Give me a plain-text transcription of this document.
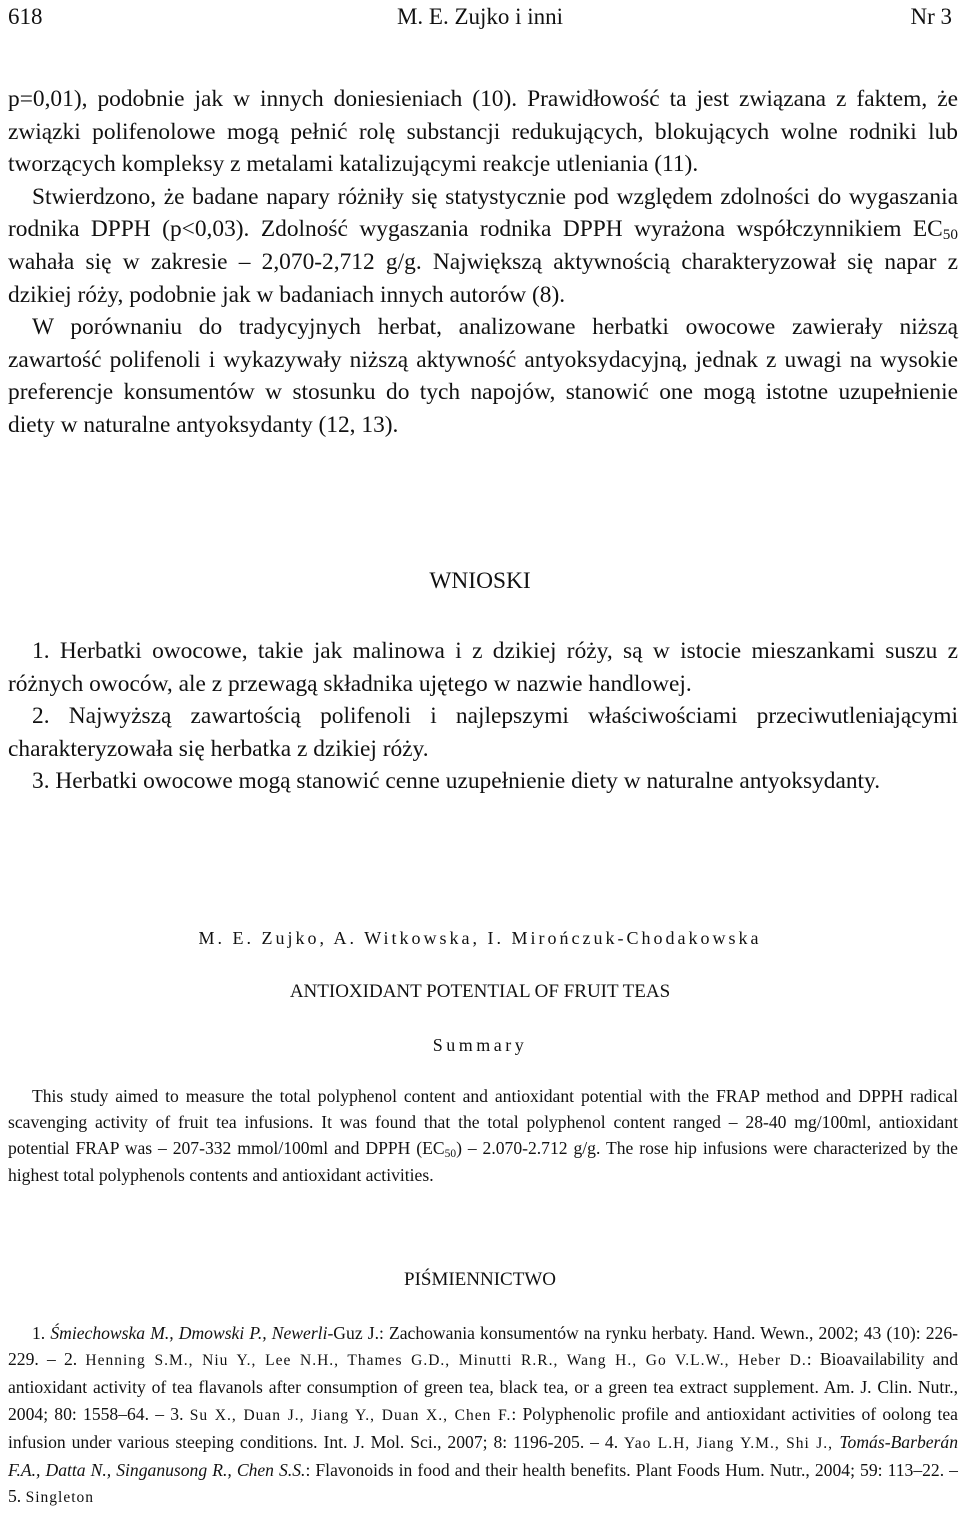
618	M. E. Zujko i inni	Nr 3

p=0,01), podobnie jak w innych doniesieniach (10). Prawidłowość ta jest związana z faktem, że związki polifenolowe mogą pełnić rolę substancji redukujących, blokujących wolne rodniki lub tworzących kompleksy z metalami katalizującymi reakcje utleniania (11).

Stwierdzono, że badane napary różniły się statystycznie pod względem zdolności do wygaszania rodnika DPPH (p<0,03). Zdolność wygaszania rodnika DPPH wyrażona współczynnikiem $EC_{50}$ wahała się w zakresie – 2,070-2,712 g/g. Największą aktywnością charakteryzował się napar z dzikiej róży, podobnie jak w badaniach innych autorów (8).

W porównaniu do tradycyjnych herbat, analizowane herbatki owocowe zawierały niższą zawartość polifenoli i wykazywały niższą aktywność antyoksydacyjną, jednak z uwagi na wysokie preferencje konsumentów w stosunku do tych napojów, stanowić one mogą istotne uzupełnienie diety w naturalne antyoksydanty (12, 13).

WNIOSKI

1. Herbatki owocowe, takie jak malinowa i z dzikiej róży, są w istocie mieszankami suszu z różnych owoców, ale z przewagą składnika ujętego w nazwie handlowej.

2. Najwyższą zawartością polifenoli i najlepszymi właściwościami przeciwutleniającymi charakteryzowała się herbatka z dzikiej róży.

3. Herbatki owocowe mogą stanowić cenne uzupełnienie diety w naturalne antyoksydanty.

M. E. Zujko, A. Witkowska, I. Mirończuk-Chodakowska
ANTIOXIDANT POTENTIAL OF FRUIT TEAS
Summary

This study aimed to measure the total polyphenol content and antioxidant potential with the FRAP method and DPPH radical scavenging activity of fruit tea infusions. It was found that the total polyphenol content ranged – 28-40 mg/100ml, antioxidant potential FRAP was – 207-332 mmol/100ml and DPPH $(EC_{50}) - 2.070-2.712$ g/g. The rose hip infusions were characterized by the highest total polyphenols contents and antioxidant activities.

PIŚMIENNICTWO

1. Śmiechowska M., Dmowski P., Newerli-Guz J.: Zachowania konsumentów na rynku herbaty. Hand. Wewn., 2002; 43 (10): 226-229. – 2. Henning S.M., Niu Y., Lee N.H., Thames G.D., Minutti R.R., Wang H., Go V.L.W., Heber D.: Bioavailability and antioxidant activity of tea flavanols after consumption of green tea, black tea, or a green tea extract supplement. Am. J. Clin. Nutr., 2004; 80: 1558–64. – 3. Su X., Duan J., Jiang Y., Duan X., Chen F.: Polyphenolic profile and antioxidant activities of oolong tea infusion under various steeping conditions. Int. J. Mol. Sci., 2007; 8: 1196-205. – 4. Yao L.H, Jiang Y.M., Shi J., Tomás-Barberán F.A., Datta N., Singanusong R., Chen S.S.: Flavonoids in food and their health benefits. Plant Foods Hum. Nutr., 2004; 59: 113–22. – 5. Singleton
